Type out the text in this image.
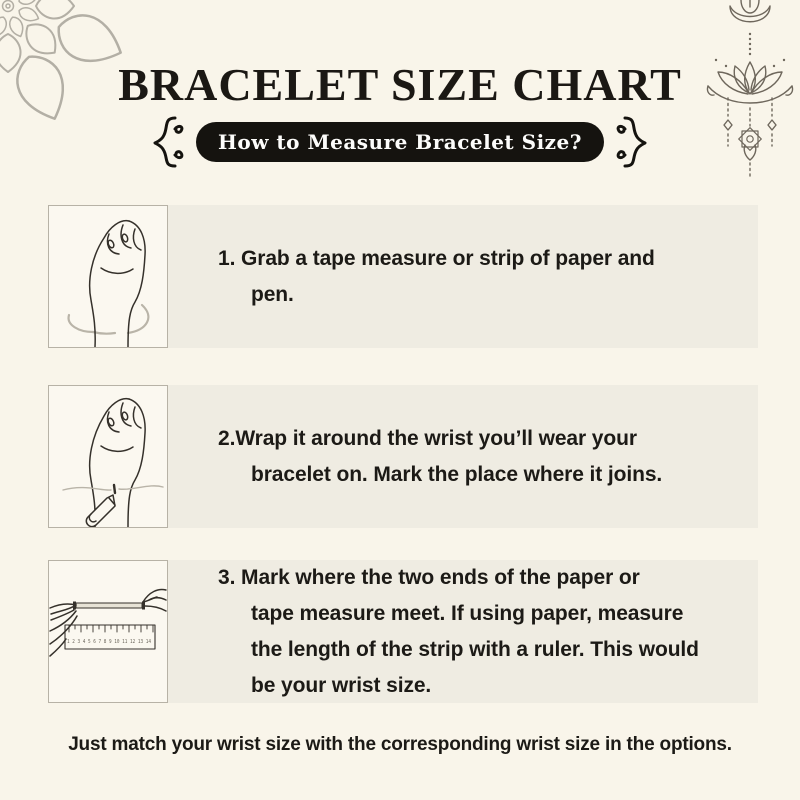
BRACELET SIZE CHART
How to Measure Bracelet Size?
1. Grab a tape measure or strip of paper and
pen.
2.Wrap it around the wrist you’ll wear your
bracelet on. Mark the place where it joins.
1 2 3 4 5 6 7 8 9 10 11 12 13 14
3. Mark where the two ends of the paper or
tape measure meet. If using paper, measure
the length of the strip with a ruler. This would
be your wrist size.

Just match your wrist size with the corresponding wrist size in the options.
